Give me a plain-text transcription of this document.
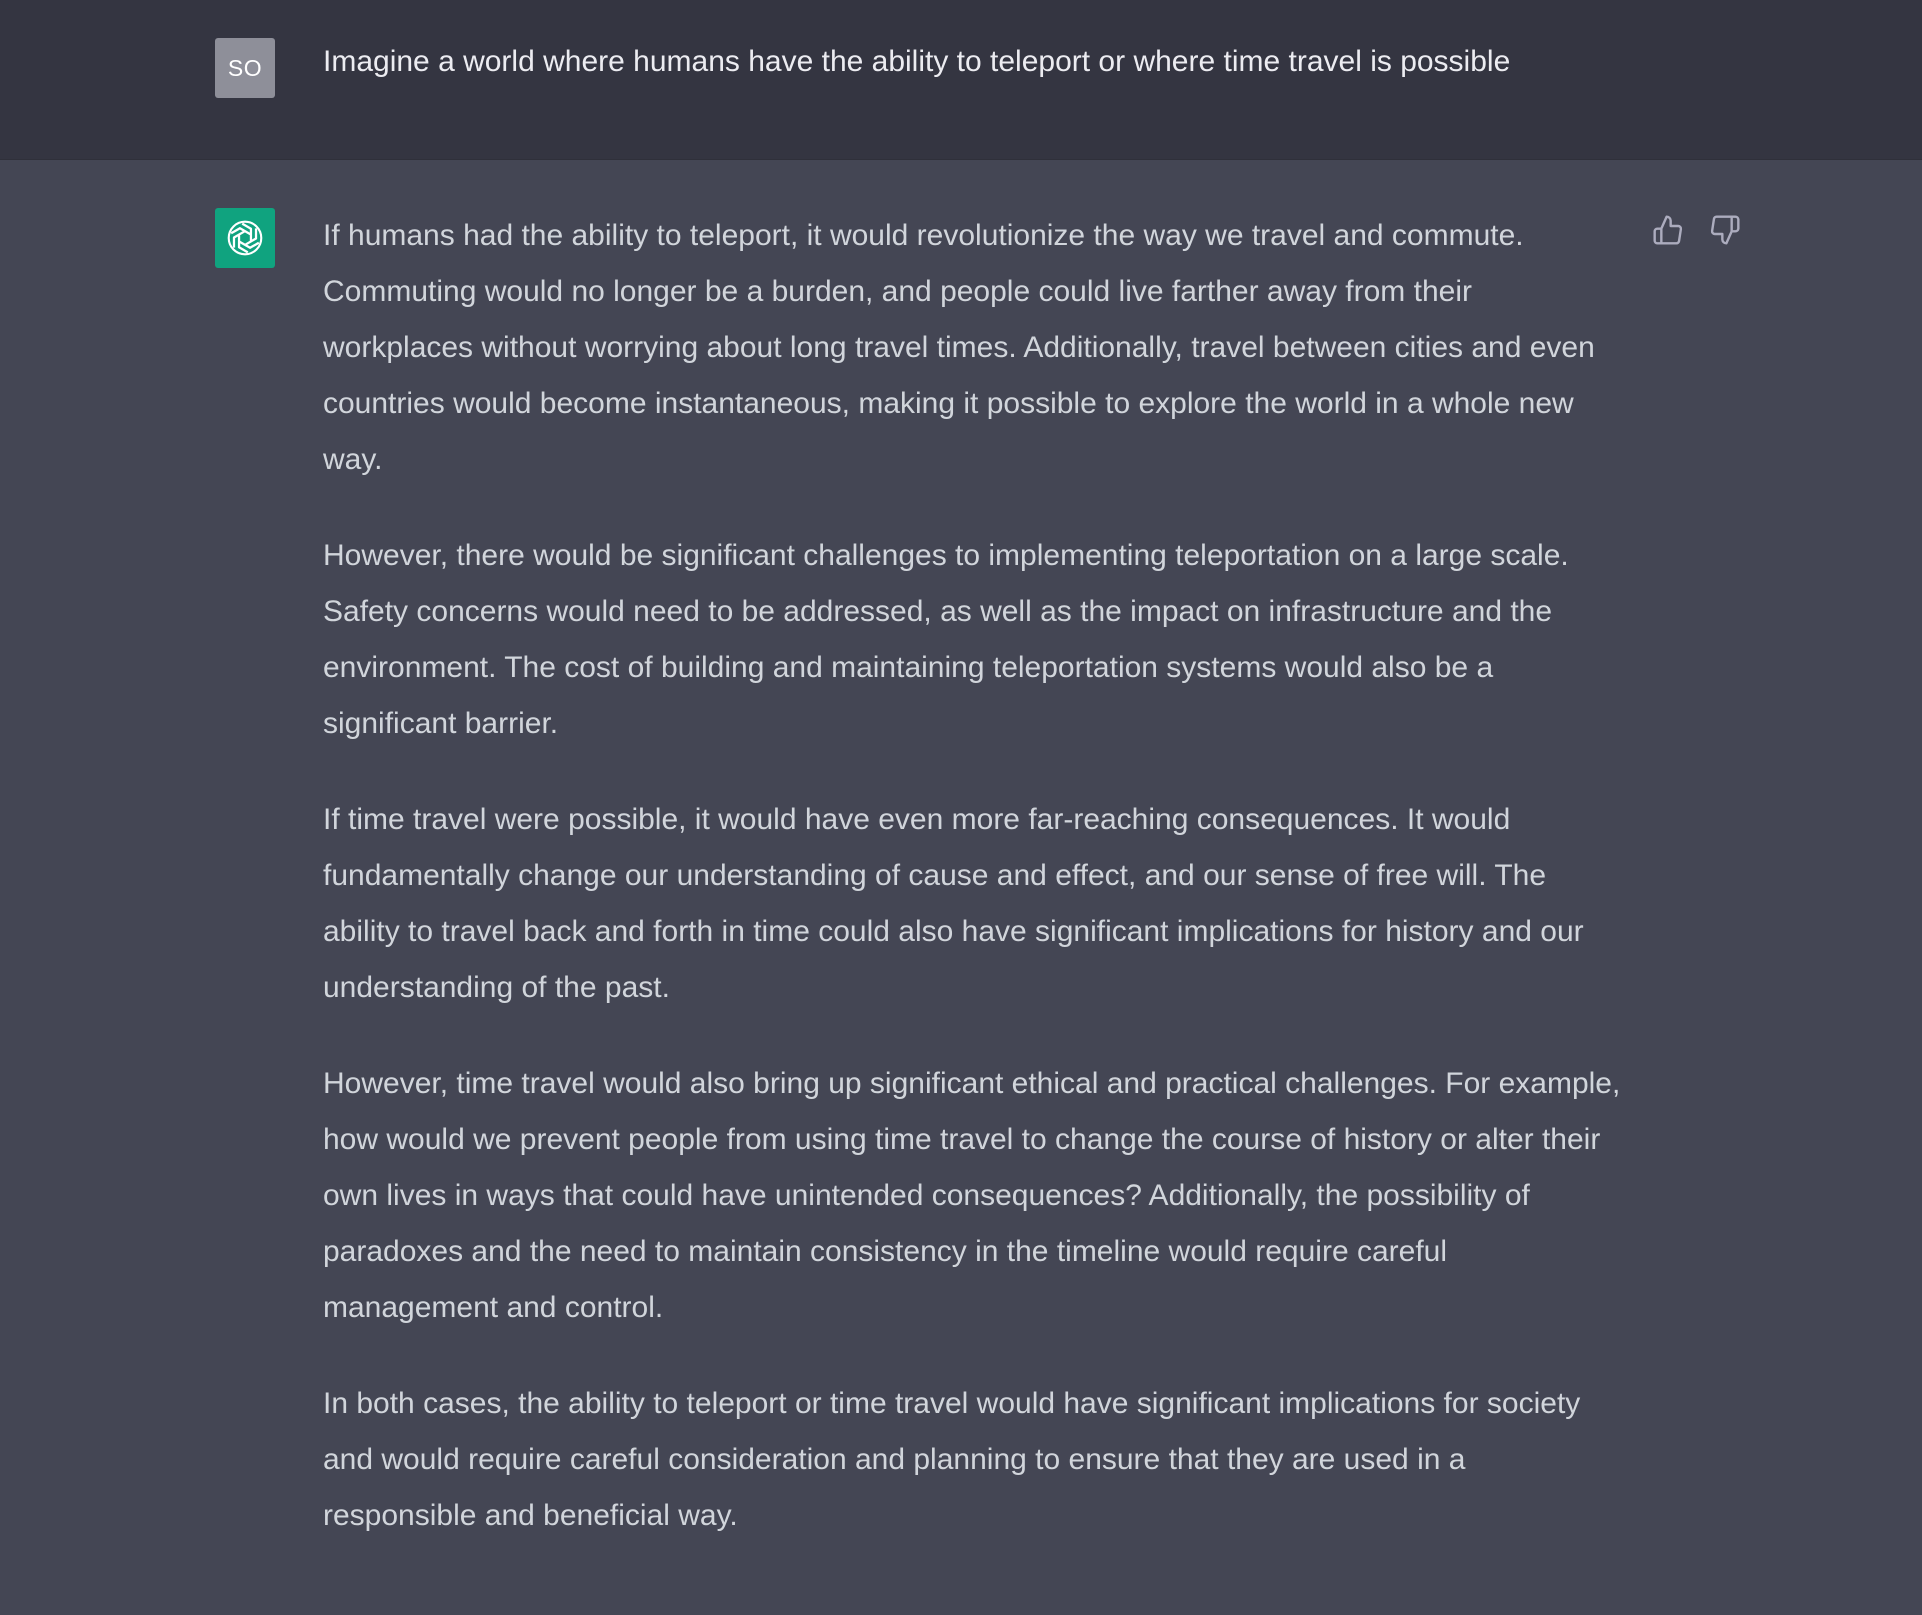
SO Imagine a world where humans have the ability to teleport or where time travel is possible

If humans had the ability to teleport, it would revolutionize the way we travel and commute. Commuting would no longer be a burden, and people could live farther away from their workplaces without worrying about long travel times. Additionally, travel between cities and even countries would become instantaneous, making it possible to explore the world in a whole new way.

However, there would be significant challenges to implementing teleportation on a large scale. Safety concerns would need to be addressed, as well as the impact on infrastructure and the environment. The cost of building and maintaining teleportation systems would also be a significant barrier.

If time travel were possible, it would have even more far-reaching consequences. It would fundamentally change our understanding of cause and effect, and our sense of free will. The ability to travel back and forth in time could also have significant implications for history and our understanding of the past.

However, time travel would also bring up significant ethical and practical challenges. For example, how would we prevent people from using time travel to change the course of history or alter their own lives in ways that could have unintended consequences? Additionally, the possibility of paradoxes and the need to maintain consistency in the timeline would require careful management and control.

In both cases, the ability to teleport or time travel would have significant implications for society and would require careful consideration and planning to ensure that they are used in a responsible and beneficial way.
